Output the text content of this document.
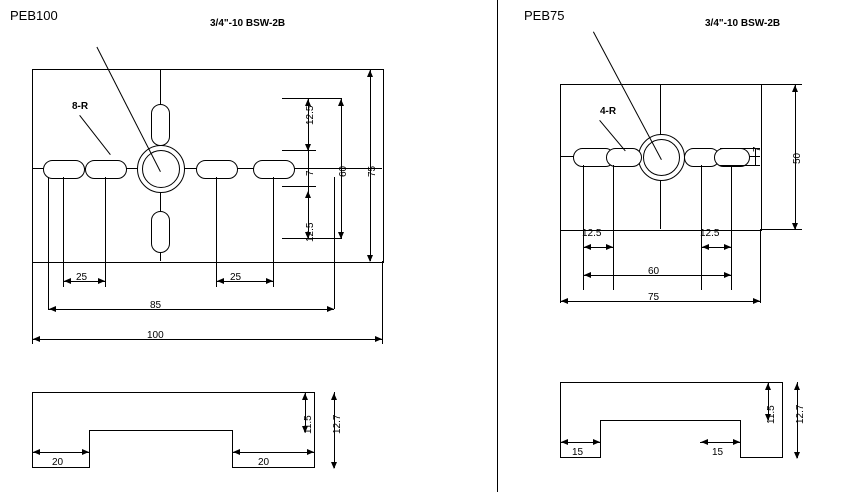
PEB100	PEB75
8-R
3/4"-10 BSW-2B
12.5
7
12.5
60 75
25	25
85
100
11.5 12.7
20	20
4-R
3/4"-10 BSW-2B
7
50
12.5	12.5
60
75
11.5 12.7
15	15
